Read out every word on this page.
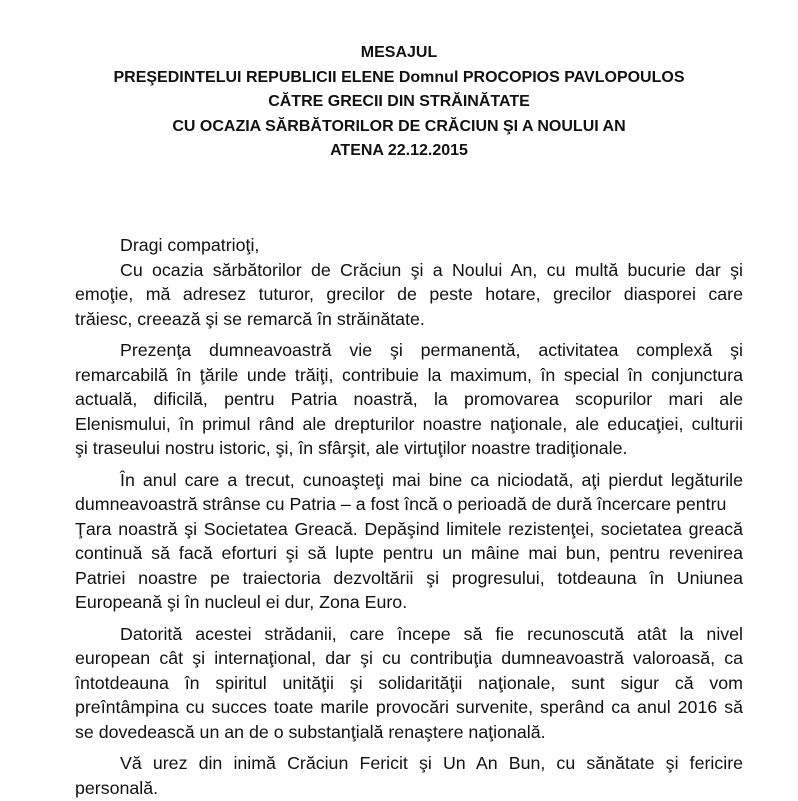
MESAJUL
PREŞEDINTELUI REPUBLICII ELENE Domnul PROCOPIOS PAVLOPOULOS
CĂTRE GRECII DIN STRĂINĂTATE
CU OCAZIA SĂRBĂTORILOR DE CRĂCIUN ŞI A NOULUI AN
ATENA 22.12.2015
Dragi compatrioţi,
Cu ocazia sărbătorilor de Crăciun şi a Noului An, cu multă bucurie dar şi
emoţie, mă adresez tuturor, grecilor de peste hotare, grecilor diasporei care
trăiesc, creează şi se remarcă în străinătate.
Prezenţa dumneavoastră vie şi permanentă, activitatea complexă şi
remarcabilă în ţările unde trăiţi, contribuie la maximum, în special în conjunctura
actuală, dificilă, pentru Patria noastră, la promovarea scopurilor mari ale
Elenismului, în primul rând ale drepturilor noastre naţionale, ale educaţiei, culturii
şi traseului nostru istoric, şi, în sfârşit, ale virtuţilor noastre tradiţionale.
În anul care a trecut, cunoaşteţi mai bine ca niciodată, aţi pierdut legăturile
dumneavoastră strânse cu Patria – a fost încă o perioadă de dură încercare pentru
Ţara noastră şi Societatea Greacă. Depăşind limitele rezistenţei, societatea greacă
continuă să facă eforturi şi să lupte pentru un mâine mai bun, pentru revenirea
Patriei noastre pe traiectoria dezvoltării şi progresului, totdeauna în Uniunea
Europeană şi în nucleul ei dur, Zona Euro.
Datorită acestei strădanii, care începe să fie recunoscută atât la nivel
european cât şi internaţional, dar şi cu contribuţia dumneavoastră valoroasă, ca
întotdeauna în spiritul unităţii şi solidarităţii naţionale, sunt sigur că vom
preîntâmpina cu succes toate marile provocări survenite, sperând ca anul 2016 să
se dovedească un an de o substanţială renaştere naţională.
Vă urez din inimă Crăciun Fericit şi Un An Bun, cu sănătate şi fericire
personală.
